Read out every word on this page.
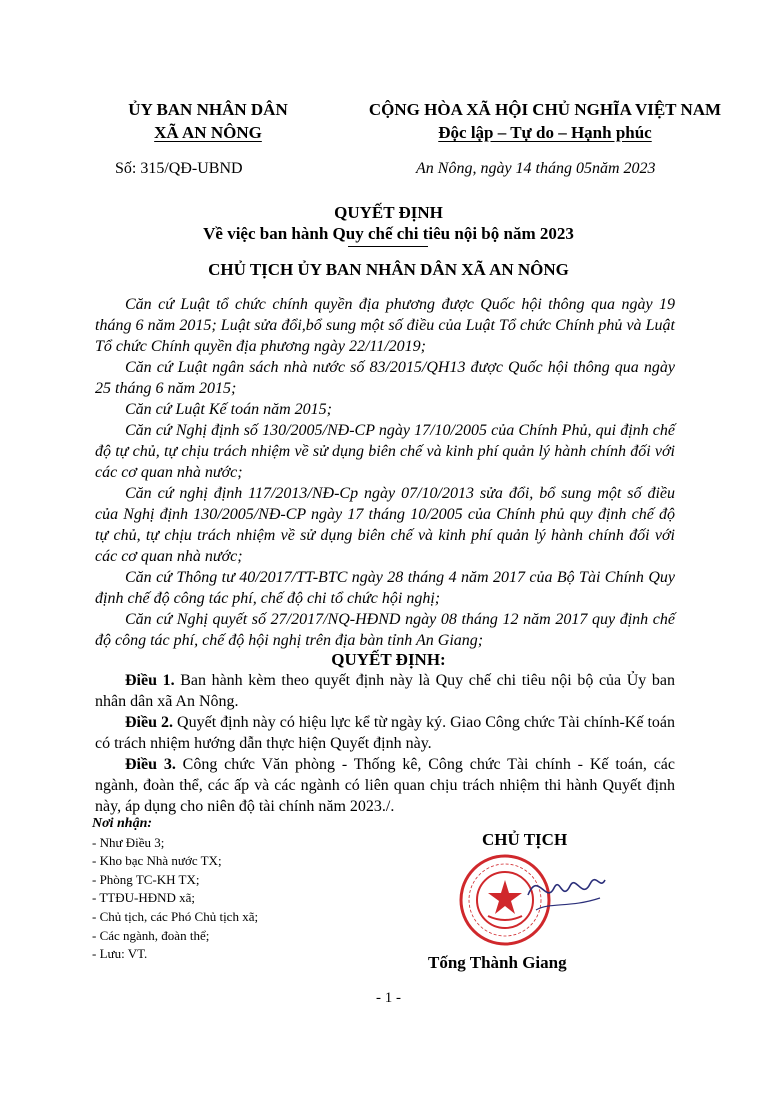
ỦY BAN NHÂN DÂN
XÃ AN NÔNG
CỘNG HÒA XÃ HỘI CHỦ NGHĨA VIỆT NAM
Độc lập – Tự do – Hạnh phúc
Số: 315/QĐ-UBND	An Nông, ngày 14 tháng 05năm 2023
QUYẾT ĐỊNH
Về việc ban hành Quy chế chi tiêu nội bộ năm 2023
CHỦ TỊCH ỦY BAN NHÂN DÂN XÃ AN NÔNG

Căn cứ Luật tổ chức chính quyền địa phương được Quốc hội thông qua ngày 19 tháng 6 năm 2015; Luật sửa đổi,bổ sung một số điều của Luật Tổ chức Chính phủ và Luật Tổ chức Chính quyền địa phương ngày 22/11/2019;

Căn cứ Luật ngân sách nhà nước số 83/2015/QH13 được Quốc hội thông qua ngày 25 tháng 6 năm 2015;

Căn cứ Luật Kế toán năm 2015;

Căn cứ Nghị định số 130/2005/NĐ-CP ngày 17/10/2005 của Chính Phủ, qui định chế độ tự chủ, tự chịu trách nhiệm về sử dụng biên chế và kinh phí quản lý hành chính đối với các cơ quan nhà nước;

Căn cứ nghị định 117/2013/NĐ-Cp ngày 07/10/2013 sửa đổi, bổ sung một số điều của Nghị định 130/2005/NĐ-CP ngày 17 tháng 10/2005 của Chính phủ quy định chế độ tự chủ, tự chịu trách nhiệm về sử dụng biên chế và kinh phí quản lý hành chính đối với các cơ quan nhà nước;

Căn cứ Thông tư 40/2017/TT-BTC ngày 28 tháng 4 năm 2017 của Bộ Tài Chính Quy định chế độ công tác phí, chế độ chi tổ chức hội nghị;

Căn cứ Nghị quyết số 27/2017/NQ-HĐND ngày 08 tháng 12 năm 2017 quy định chế độ công tác phí, chế độ hội nghị trên địa bàn tỉnh An Giang;

QUYẾT ĐỊNH:

Điều 1. Ban hành kèm theo quyết định này là Quy chế chi tiêu nội bộ của Ủy ban nhân dân xã An Nông.

Điều 2. Quyết định này có hiệu lực kể từ ngày ký. Giao Công chức Tài chính-Kế toán có trách nhiệm hướng dẫn thực hiện Quyết định này.

Điều 3. Công chức Văn phòng - Thống kê, Công chức Tài chính - Kế toán, các ngành, đoàn thể, các ấp và các ngành có liên quan chịu trách nhiệm thi hành Quyết định này, áp dụng cho niên độ tài chính năm 2023./.

Nơi nhận:
- Như Điều 3;
- Kho bạc Nhà nước TX;
- Phòng TC-KH TX;
- TTĐU-HĐND xã;
- Chủ tịch, các Phó Chủ tịch xã;
- Các ngành, đoàn thể;
- Lưu: VT.
CHỦ TỊCH
Tống Thành Giang
- 1 -
